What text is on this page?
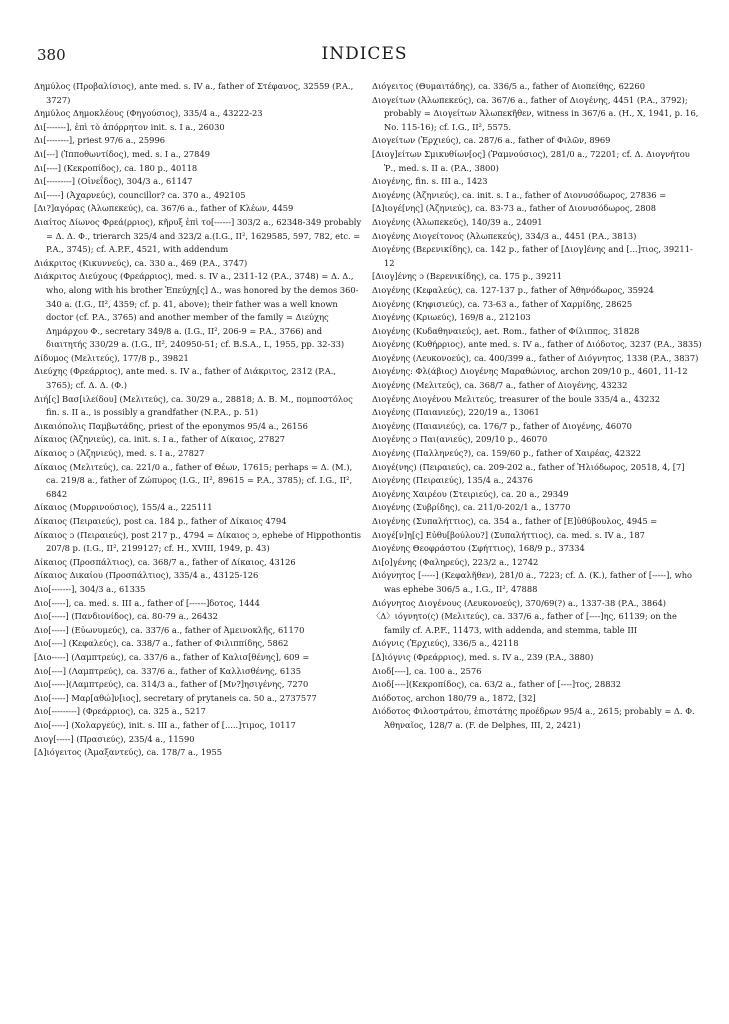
380	INDICES

Δημύλος (Προβαλίσιος), ante med. s. IV a., father of Στέφανος, 32559 (P.A., 3727)

Δημύλος Δημοκλέους (Φηγούσιος), 335/4 a., 43222-23

Δι[-------], ἐπὶ τὸ ἀπόρρητον init. s. I a., 26030

Δι[--------], priest 97/6 a., 25996

Δι[---] (Ἱπποθωντίδος), med. s. I a., 27849

Δι[----] (Κεκροπίδος), ca. 180 p., 40118

Δι[---------] (Οἰνεΐδος), 304/3 a., 61147

Δι[-----] (Ἀχαρνεύς), councillor? ca. 370 a., 492105

[Δι?]αγόρας (Ἀλωπεκεύς), ca. 367/6 a., father of Κλέων, 4459

Διαίτος Δίωνος Φρεά(ρριος), κῆρυξ ἐπὶ το[------] 303/2 a., 62348-349 probably = Δ. Δ. Φ., trierarch 325/4 and 323/2 a.(I.G., II², 1629585, 597, 782, etc. = P.A., 3745); cf. A.P.F., 4521, with addendum

Διάκριτος (Κικυννεύς), ca. 330 a., 469 (P.A., 3747)

Διάκριτος Διεύχους (Φρεάρριος), med. s. IV a., 2311-12 (P.A., 3748) = Δ. Δ., who, along with his brother Ἐπεύχη[ς] Δ., was honored by the demos 360-340 a. (I.G., II², 4359; cf. p. 41, above); their father was a well known doctor (cf. P.A., 3765) and another member of the family = Διεύχης Δημάρχου Φ., secretary 349/8 a. (I.G., II², 206-9 = P.A., 3766) and διαιτητής 330/29 a. (I.G., II², 240950-51; cf. B.S.A., L, 1955, pp. 32-33)

Δίδυμος (Μελιτεύς), 177/8 p., 39821

Διεύχης (Φρεάρριος), ante med. s. IV a., father of Διάκριτος, 2312 (P.A., 3765); cf. Δ. Δ. (Φ.)

Διή[ς] Βασ[ιλείδου] (Μελιτεύς), ca. 30/29 a., 28818; Δ. Β. Μ., πομποστόλος fin. s. II a., is possibly a grandfather (N.P.A., p. 51)

Δικαιόπολις Παμβωτάδης, priest of the eponymos 95/4 a., 26156

Δίκαιος (Ἀζηνιεύς), ca. init. s. I a., father of Δίκαιος, 27827

Δίκαιος ɔ (Ἀζηνιεύς), med. s. I a., 27827

Δίκαιος (Μελιτεύς), ca. 221/0 a., father of Θέων, 17615; perhaps = Δ. (Μ.), ca. 219/8 a., father of Ζώπυρος (I.G., II², 89615 = P.A., 3785); cf. I.G., II², 6842

Δίκαιος (Μυρρινούσιος), 155/4 a., 225111

Δίκαιος (Πειραιεύς), post ca. 184 p., father of Δίκαιος 4794

Δίκαιος ɔ (Πειραιεύς), post 217 p., 4794 = Δίκαιος ɔ, ephebe of Hippothontis 207/8 p. (I.G., II², 2199127; cf. H., XVIII, 1949, p. 43)

Δίκαιος (Προσπάλτιος), ca. 368/7 a., father of Δίκαιος, 43126

Δίκαιος Δικαίου (Προσπάλτιος), 335/4 a., 43125-126

Διο[-------], 304/3 a., 61335

Διο[-----], ca. med. s. III a., father of [------]δοτος, 1444

Διο[-----] (Πανδιονίδος), ca. 80-79 a., 26432

Διο[-----] (Εὐωνυμεύς), ca. 337/6 a., father of Ἀμεινοκλῆς, 61170

Διο[----] (Κεφαλεύς), ca. 338/7 a., father of Φιλιππίδης, 5862

[Διο-----] (Λαμπτρεύς), ca. 337/6 a., father of Καλισ[θένης], 609 =

Διο[----] (Λαμπτρεύς), ca. 337/6 a., father of Καλλισθένης, 6135

Διο[-----](Λαμπτρεύς), ca. 314/3 a., father of [Μν?]ησιγένης, 7270

Διο[-----] Μαρ[αθώ]ν[ιος], secretary of prytaneis ca. 50 a., 2737577

Διο[---------] (Φρεάρριος), ca. 325 a., 5217

Διο[-----] (Χολαργεύς), init. s. III a., father of [.....]τιμος, 10117

Διογ[-----] (Πρασιεύς), 235/4 a., 11590

[Δ]ιόγειτος (Ἀμαξαντεύς), ca. 178/7 a., 1955

Διόγειτος (Θυμαιτάδης), ca. 336/5 a., father of Διοπείθης, 62260

Διογείτων (Ἀλωπεκεύς), ca. 367/6 a., father of Διογένης, 4451 (P.A., 3792); probably = Διογείτων Ἀλωπεκῆθεν, witness in 367/6 a. (H., X, 1941, p. 16, No. 115-16); cf. I.G., II², 5575.

Διογείτων (Ἐρχιεύς), ca. 287/6 a., father of Φιλῶν, 8969

[Διογ]είτων Σμικυθίων[ος] (Ῥαμνούσιος), 281/0 a., 72201; cf. Δ. Διογνήτου Ῥ., med. s. II a. (P.A., 3800)

Διογένης, fin. s. III a., 1423

Διογένης (Ἀζηνιεύς), ca. init. s. I a., father of Διονυσόδωρος, 27836 =

[Δ]ιογέ[νης] (Ἀζηνιεύς), ca. 83-73 a., father of Διονυσόδωρος, 2808

Διογένης (Ἀλωπεκεύς), 140/39 a., 24091

Διογένης Διογείτονος (Ἀλωπεκεύς), 334/3 a., 4451 (P.A., 3813)

Διογένης (Βερενικίδης), ca. 142 p., father of [Διογ]ένης and [...]τιος, 39211-12

[Διογ]ένης ɔ (Βερενικίδης), ca. 175 p., 39211

Διογένης (Κεφαλεύς), ca. 127-137 p., father of Ἀθηνόδωρος, 35924

Διογένης (Κηφισιεύς), ca. 73-63 a., father of Χαρμίδης, 28625

Διογένης (Κριωεύς), 169/8 a., 212103

Διογένης (Κυδαθηναιεύς), aet. Rom., father of Φίλιππος, 31828

Διογένης (Κυθήρριος), ante med. s. IV a., father of Διόδοτος, 3237 (P.A., 3835)

Διογένης (Λευκονοεύς), ca. 400/399 a., father of Διόγνητος, 1338 (P.A., 3837)

Διογένης: Φλ(άβιος) Διογένης Μαραθώνιος, archon 209/10 p., 4601, 11-12

Διογένης (Μελιτεύς), ca. 368/7 a., father of Διογένης, 43232

Διογένης Διογένου Μελιτεύς, treasurer of the boule 335/4 a., 43232

Διογένης (Παιανιεύς), 220/19 a., 13061

Διογένης (Παιανιεύς), ca. 176/7 p., father of Διογένης, 46070

Διογένης ɔ Παι(ανιεύς), 209/10 p., 46070

Διογένης (Παλληνεύς?), ca. 159/60 p., father of Χαιρέας, 42322

Διογέ(νης) (Πειραιεύς), ca. 209-202 a., father of Ἡλιόδωρος, 20518, 4, [7]

Διογένης (Πειραιεύς), 135/4 a., 24376

Διογένης Χαιρέου (Στειριεύς), ca. 20 a., 29349

Διογένης (Συβρίδης), ca. 211/0-202/1 a., 13770

Διογένης (Συπαλήττιος), ca. 354 a., father of [Ε]ὐθύβουλος, 4945 =

Διογέ[ν]η[ς] Εὐθυ[βούλου?] (Συπαλήττιος), ca. med. s. IV a., 187

Διογένης Θεοφράστου (Σφήττιος), 168/9 p., 37334

Δι[ο]γένης (Φαληρεύς), 223/2 a., 12742

Διόγνητος [-----] (Κεφαλῆθεν), 281/0 a., 7223; cf. Δ. (Κ.), father of [-----], who was ephebe 306/5 a., I.G., II², 47888

Διόγνητος Διογένους (Λευκονοεύς), 370/69(?) a., 1337-38 (P.A., 3864)

〈Δ〉ιόγνητο(ς) (Μελιτεύς), ca. 337/6 a., father of [----]ης, 61139; on the family cf. A.P.F., 11473, with addenda, and stemma, table III

Διόγνις (Ἐρχιεύς), 336/5 a., 42118

[Δ]ιόγνις (Φρεάρριος), med. s. IV a., 239 (P.A., 3880)

Διοδ[----], ca. 100 a., 2576

Διοδ[----](Κεκροπίδος), ca. 63/2 a., father of [----]τος, 28832

Διόδοτος, archon 180/79 a., 1872, [32]

Διόδοτος Φιλοστράτου, ἐπιστάτης προέδρων 95/4 a., 2615; probably = Δ. Φ. Ἀθηναῖος, 128/7 a. (F. de Delphes, III, 2, 2421)
